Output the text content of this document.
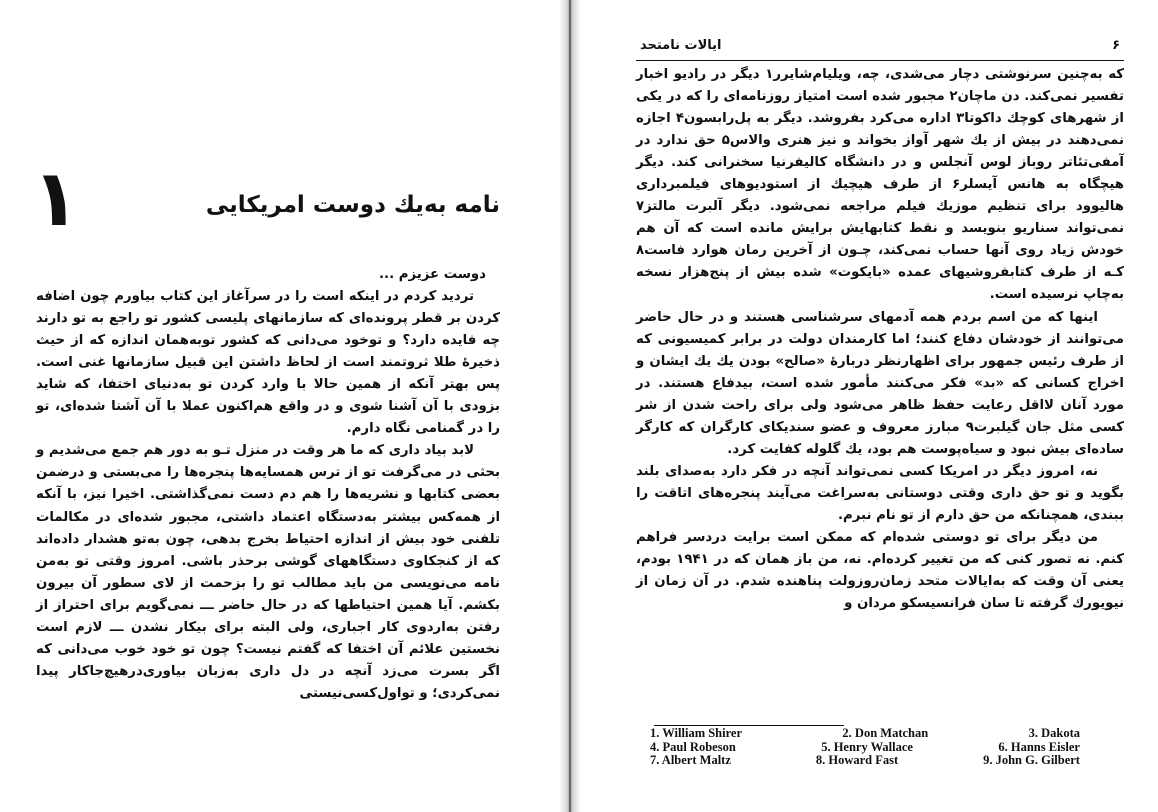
۱	نامه به‌یك دوست امریکایی

دوست عزیزم ...

تردید کردم در اینکه است را در سرآغاز این کتاب بیاورم چون اضافه کردن بر قطر پرونده‌ای که سازمانهای پلیسی کشور تو راجع به تو دارند چه فایده دارد؟ و توخود می‌دانی که کشور توبه‌همان اندازه که از حیث ذخیرهٔ طلا ثروتمند است از لحاظ داشتن این قبیل سازمانها غنی است. پس بهتر آنکه از همین حالا با وارد کردن تو به‌دنیای اختفا، که شاید بزودی با آن آشنا شوی و در واقع هم‌اکنون عملا با آن آشنا شده‌ای، تو را در گمنامی نگاه دارم.

لابد بیاد داری که ما هر وقت در منزل تـو به دور هم جمع می‌شدیم و بحثی در می‌گرفت تو از ترس همسایه‌ها پنجره‌ها را می‌بستی و درضمن بعضی کتابها و نشریه‌ها را هم دم دست نمی‌گذاشتی. اخیرا نیز، با آنکه از همه‌کس بیشتر به‌دستگاه اعتماد داشتی، مجبور شده‌ای در مکالمات تلفنی خود بیش از اندازه احتیاط بخرج بدهی، چون به‌تو هشدار داده‌اند که از کنجکاوی دستگاههای گوشی برحذر باشی. امروز وقتی تو به‌من نامه می‌نویسی من باید مطالب تو را بزحمت از لای سطور آن بیرون بکشم. آیا همین احتیاطها که در حال حاضر ـــ نمی‌گویم برای احتراز از رفتن به‌اردوی کار اجباری، ولی البته برای بیکار نشدن ـــ لازم است نخستین علائم آن اختفا که گفتم نیست؟ چون تو خود خوب می‌دانی که اگر بسرت می‌زد آنچه در دل داری به‌زبان بیاوری‌درهیچ‌جاکار پیدا نمی‌کردی؛ و تواول‌کسی‌نیستی

۶
ایالات نامتحد

که به‌چنین سرنوشتی دچار می‌شدی، چه، ویلیام‌شایرر۱ دیگر در رادیو اخبار تفسیر نمی‌کند. دن ماچان۲ مجبور شده است امتیاز روزنامه‌ای را که در یکی از شهرهای کوچك داکوتا۳ اداره می‌کرد بفروشد. دیگر به پل‌رابسون۴ اجازه نمی‌دهند در بیش از یك شهر آواز بخواند و نیز هنری والاس۵ حق ندارد در آمفی‌تئاتر روباز لوس آنجلس و در دانشگاه کالیفرنیا سخنرانی کند. دیگر هیچگاه به هانس آیسلر۶ از طرف هیچیك از استودیوهای فیلمبرداری هالیوود برای تنظیم موزیك فیلم مراجعه نمی‌شود. دیگر آلبرت مالتز۷ نمی‌تواند سناریو بنویسد و نقط کتابهایش برایش مانده است که آن هم خودش زیاد روی آنها حساب نمی‌کند، چـون از آخرین رمان هوارد فاست۸ کـه از طرف کتابفروشیهای عمده «بایکوت» شده بیش از پنج‌هزار نسخه به‌چاپ نرسیده است.

اینها که من اسم بردم همه آدمهای سرشناسی هستند و در حال حاضر می‌توانند از خودشان دفاع کنند؛ اما کارمندان دولت در برابر کمیسیونی که از طرف رئیس جمهور برای اظهارنظر دربارهٔ «صالح» بودن یك یك ایشان و اخراج کسانی که «بد» فکر می‌کنند مأمور شده است، بیدفاع هستند. در مورد آنان لااقل رعایت حفظ ظاهر می‌شود ولی برای راحت شدن از شر کسی مثل جان گیلبرت۹ مبارز معروف و عضو سندیکای کارگران که کارگر ساده‌ای بیش نبود و سیاه‌پوست هم بود، یك گلوله کفایت کرد.

نه، امروز دیگر در امریکا کسی نمی‌تواند آنچه در فکر دارد به‌صدای بلند بگوید و تو حق داری وقتی دوستانی به‌سراغت می‌آیند پنجره‌های اتاقت را ببندی، همچنانکه من حق دارم از تو نام نبرم.

من دیگر برای تو دوستی شده‌ام که ممکن است برایت دردسر فراهم کنم. نه تصور کنی که من تغییر کرده‌ام. نه، من باز همان که در ۱۹۴۱ بودم، یعنی آن وقت که به‌ایالات متحد زمان‌روزولت پناهنده شدم. در آن زمان از نیویورك گرفته تا سان فرانسیسکو مردان و

1. William Shirer	2. Don Matchan	3. Dakota
4. Paul Robeson	5. Henry Wallace	6. Hanns Eisler
7. Albert Maltz	8. Howard Fast	9. John G. Gilbert
